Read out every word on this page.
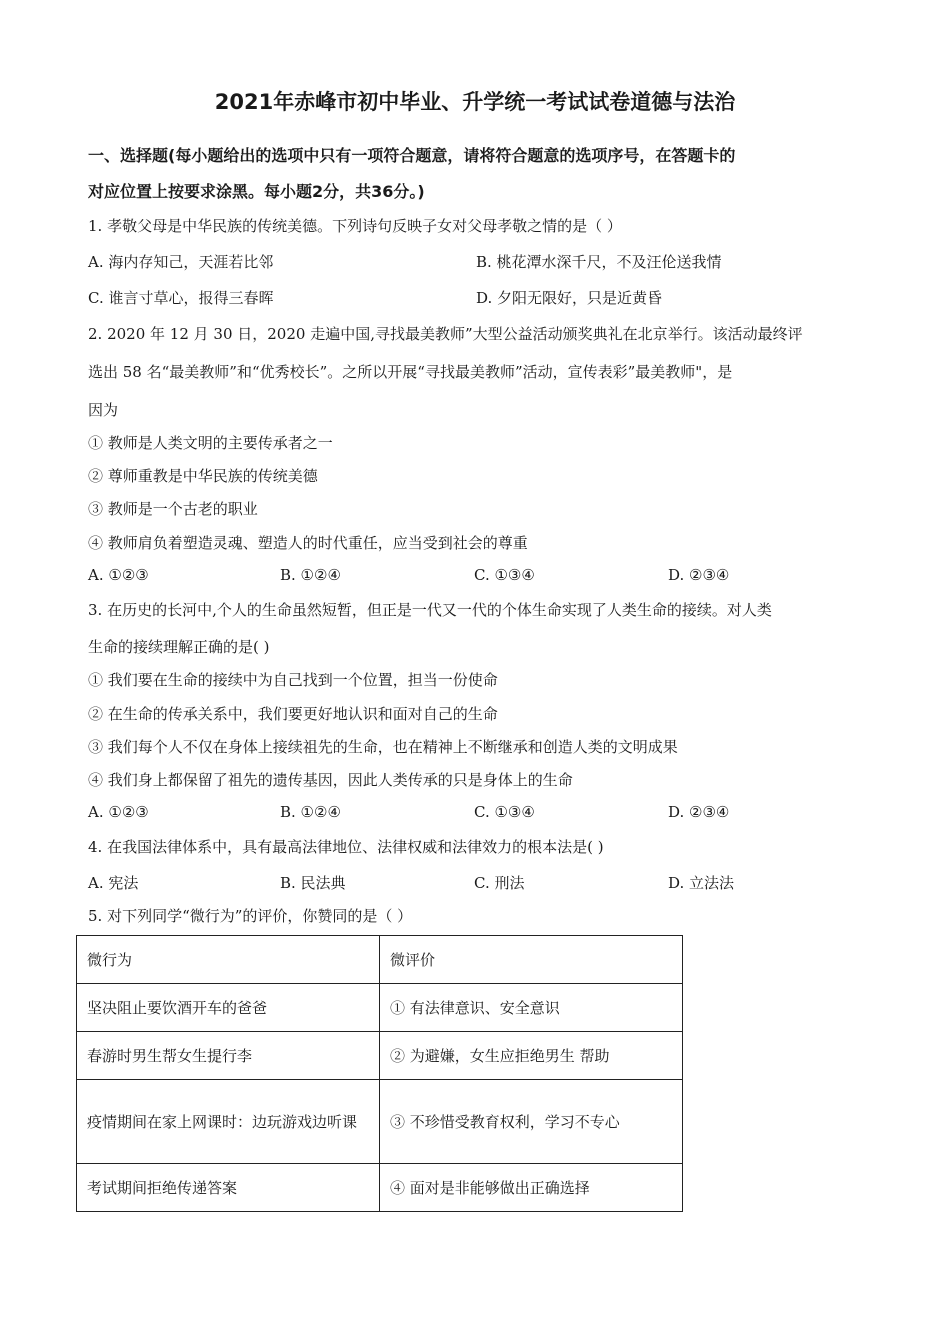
2021年赤峰市初中毕业、升学统一考试试卷道德与法治
一、选择题(每小题给出的选项中只有一项符合题意，请将符合题意的选项序号，在答题卡的
对应位置上按要求涂黑。每小题2分，共36分。)
1. 孝敬父母是中华民族的传统美德。下列诗句反映子女对父母孝敬之情的是（ ）
A. 海内存知己，天涯若比邻	B. 桃花潭水深千尺，不及汪伦送我情
C. 谁言寸草心，报得三春晖	D. 夕阳无限好，只是近黄昏
2. 2020 年 12 月 30 日，2020 走遍中国,寻找最美教师”大型公益活动颁奖典礼在北京举行。该活动最终评
选出 58 名“最美教师”和“优秀校长”。之所以开展“寻找最美教师”活动，宣传表彩”最美教师"，是
因为
① 教师是人类文明的主要传承者之一
② 尊师重教是中华民族的传统美德
③ 教师是一个古老的职业
④ 教师肩负着塑造灵魂、塑造人的时代重任，应当受到社会的尊重
A. ①②③	B. ①②④	C. ①③④	D. ②③④
3. 在历史的长河中,个人的生命虽然短暂，但正是一代又一代的个体生命实现了人类生命的接续。对人类
生命的接续理解正确的是( )
① 我们要在生命的接续中为自己找到一个位置，担当一份使命
② 在生命的传承关系中，我们要更好地认识和面对自己的生命
③ 我们每个人不仅在身体上接续祖先的生命，也在精神上不断继承和创造人类的文明成果
④ 我们身上都保留了祖先的遗传基因，因此人类传承的只是身体上的生命
A. ①②③	B. ①②④	C. ①③④	D. ②③④
4. 在我国法律体系中，具有最高法律地位、法律权威和法律效力的根本法是( )
A. 宪法	B. 民法典	C. 刑法	D. 立法法
5. 对下列同学“微行为”的评价，你赞同的是（ ）
微行为	微评价
坚决阻止要饮酒开车的爸爸	① 有法律意识、安全意识
春游时男生帮女生提行李	② 为避嫌，女生应拒绝男生 帮助
疫情期间在家上网课时：边玩游戏边听课	③ 不珍惜受教育权利，学习不专心
考试期间拒绝传递答案	④ 面对是非能够做出正确选择
